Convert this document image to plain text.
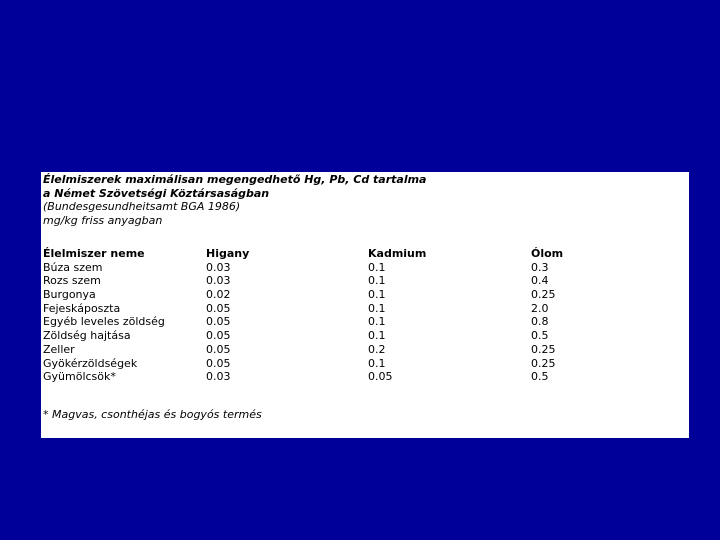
Élelmiszerek maximálisan megengedhető Hg, Pb, Cd tartalma
a Német Szövetségi Köztársaságban
(Bundesgesundheitsamt BGA 1986)
mg/kg friss anyagban
Élelmiszer neme	Higany	Kadmium	Ólom
Búza szem	0.03	0.1	0.3
Rozs szem	0.03	0.1	0.4
Burgonya	0.02	0.1	0.25
Fejeskáposzta	0.05	0.1	2.0
Egyéb leveles zöldség	0.05	0.1	0.8
Zöldség hajtása	0.05	0.1	0.5
Zeller	0.05	0.2	0.25
Gyökérzöldségek	0.05	0.1	0.25
Gyümölcsök*	0.03	0.05	0.5
* Magvas, csonthéjas és bogyós termés
